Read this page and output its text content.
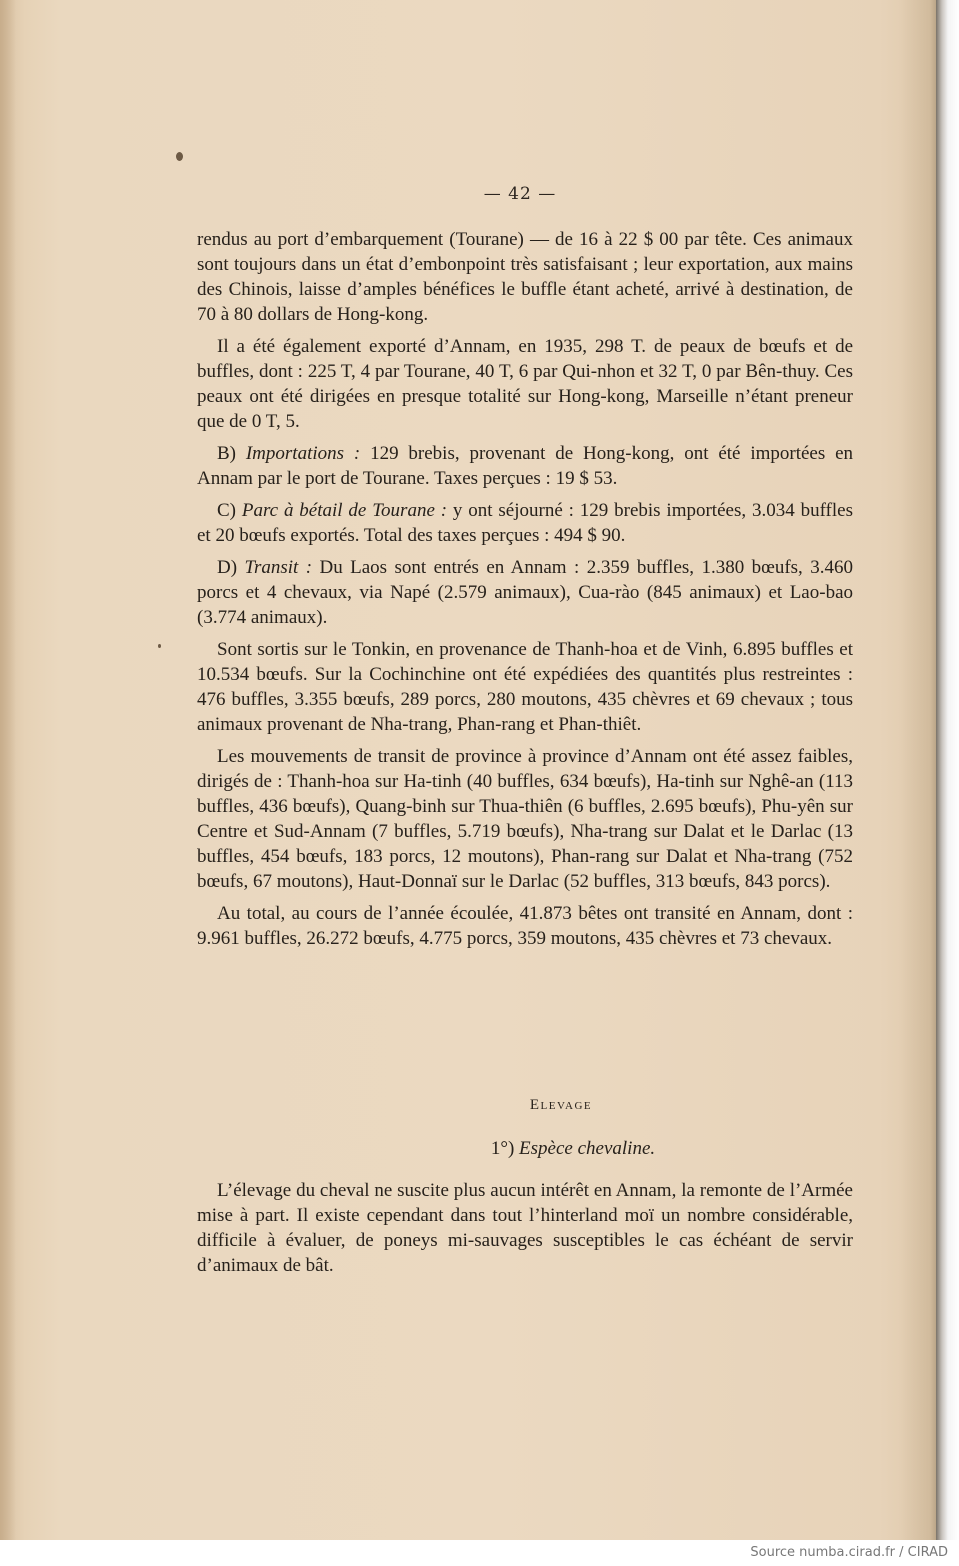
— 42 —

rendus au port d’embarquement (Tourane) — de 16 à 22 $ 00 par tête. Ces animaux sont toujours dans un état d’embonpoint très satisfaisant ; leur exportation, aux mains des Chinois, laisse d’amples bénéfices le buffle étant acheté, arrivé à destination, de 70 à 80 dollars de Hong-kong.

Il a été également exporté d’Annam, en 1935, 298 T. de peaux de bœufs et de buffles, dont : 225 T, 4 par Tourane, 40 T, 6 par Qui-nhon et 32 T, 0 par Bên-thuy. Ces peaux ont été dirigées en presque totalité sur Hong-kong, Marseille n’étant preneur que de 0 T, 5.

B) Importations : 129 brebis, provenant de Hong-kong, ont été importées en Annam par le port de Tourane. Taxes perçues : 19 $ 53.

C) Parc à bétail de Tourane : y ont séjourné : 129 brebis importées, 3.034 buffles et 20 bœufs exportés. Total des taxes perçues : 494 $ 90.

D) Transit : Du Laos sont entrés en Annam : 2.359 buffles, 1.380 bœufs, 3.460 porcs et 4 chevaux, via Napé (2.579 animaux), Cua-rào (845 animaux) et Lao-bao (3.774 animaux).

Sont sortis sur le Tonkin, en provenance de Thanh-hoa et de Vinh, 6.895 buffles et 10.534 bœufs. Sur la Cochinchine ont été expédiées des quantités plus restreintes : 476 buffles, 3.355 bœufs, 289 porcs, 280 moutons, 435 chèvres et 69 chevaux ; tous animaux provenant de Nha-trang, Phan-rang et Phan-thiêt.

Les mouvements de transit de province à province d’Annam ont été assez faibles, dirigés de : Thanh-hoa sur Ha-tinh (40 buffles, 634 bœufs), Ha-tinh sur Nghê-an (113 buffles, 436 bœufs), Quang-binh sur Thua-thiên (6 buffles, 2.695 bœufs), Phu-yên sur Centre et Sud-Annam (7 buffles, 5.719 bœufs), Nha-trang sur Dalat et le Darlac (13 buffles, 454 bœufs, 183 porcs, 12 moutons), Phan-rang sur Dalat et Nha-trang (752 bœufs, 67 moutons), Haut-Donnaï sur le Darlac (52 buffles, 313 bœufs, 843 porcs).

Au total, au cours de l’année écoulée, 41.873 bêtes ont transité en Annam, dont : 9.961 buffles, 26.272 bœufs, 4.775 porcs, 359 moutons, 435 chèvres et 73 chevaux.

Elevage
1°) Espèce chevaline.

L’élevage du cheval ne suscite plus aucun intérêt en Annam, la remonte de l’Armée mise à part. Il existe cependant dans tout l’hinterland moï un nombre considérable, difficile à évaluer, de poneys mi-sauvages susceptibles le cas échéant de servir d’animaux de bât.

Source numba.cirad.fr / CIRAD
